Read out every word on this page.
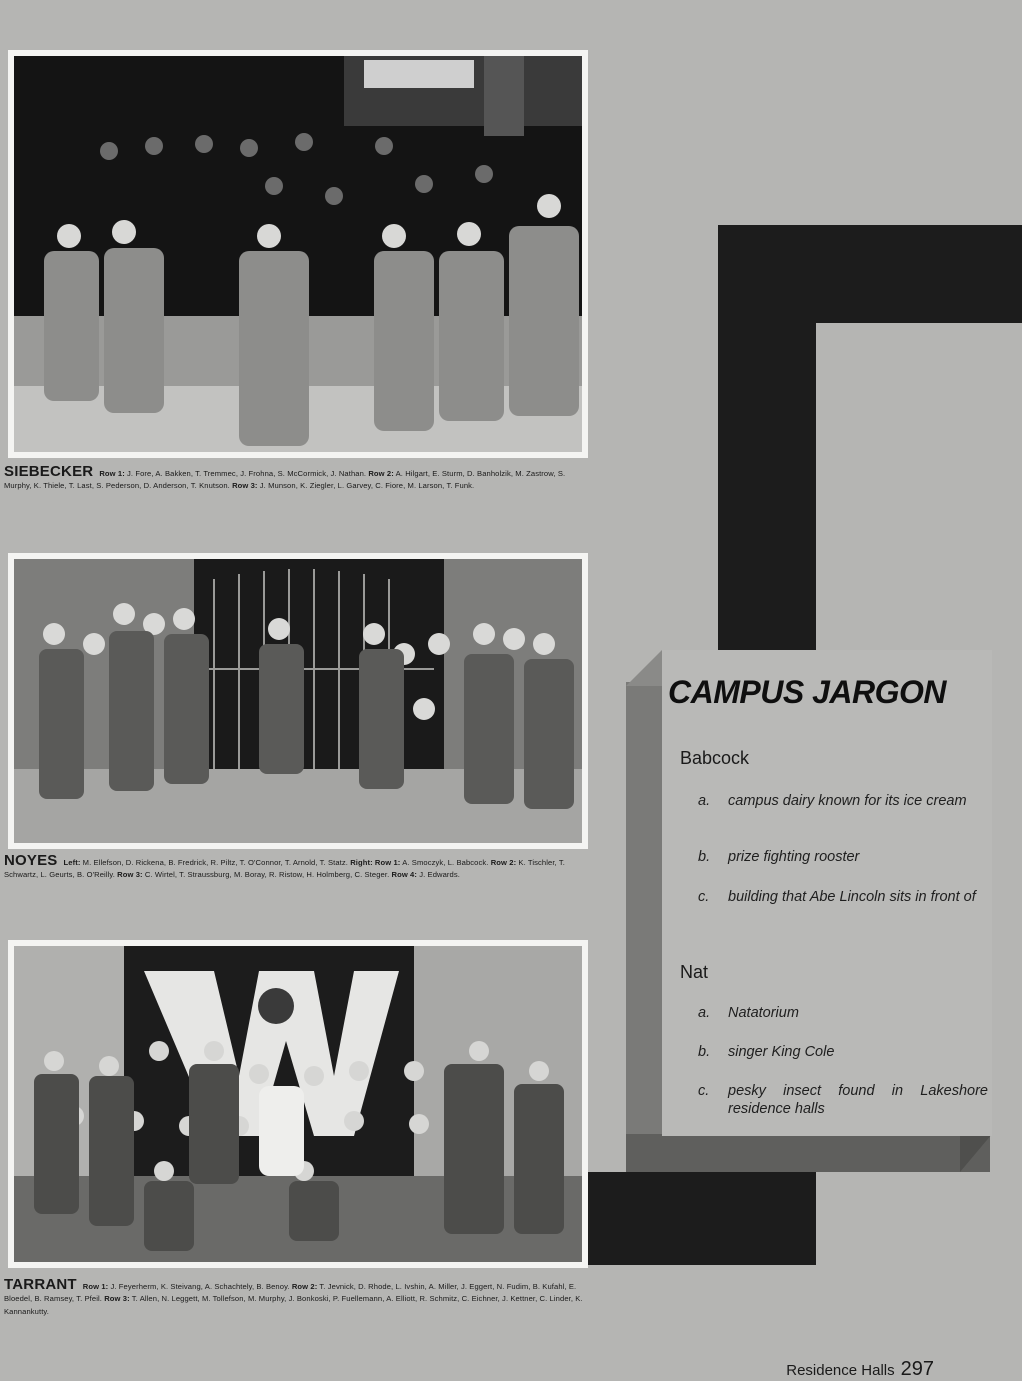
SIEBECKER Row 1: J. Fore, A. Bakken, T. Tremmec, J. Frohna, S. McCormick, J. Nathan. Row 2: A. Hilgart, E. Sturm, D. Banholzik, M. Zastrow, S. Murphy, K. Thiele, T. Last, S. Pederson, D. Anderson, T. Knutson. Row 3: J. Munson, K. Ziegler, L. Garvey, C. Fiore, M. Larson, T. Funk.
NOYES Left: M. Ellefson, D. Rickena, B. Fredrick, R. Piltz, T. O'Connor, T. Arnold, T. Statz. Right: Row 1: A. Smoczyk, L. Babcock. Row 2: K. Tischler, T. Schwartz, L. Geurts, B. O'Reilly. Row 3: C. Wirtel, T. Straussburg, M. Boray, R. Ristow, H. Holmberg, C. Steger. Row 4: J. Edwards.
TARRANT Row 1: J. Feyerherm, K. Steivang, A. Schachtely, B. Benoy. Row 2: T. Jevnick, D. Rhode, L. Ivshin, A. Miller, J. Eggert, N. Fudim, B. Kufahl, E. Bloedel, B. Ramsey, T. Pfeil. Row 3: T. Allen, N. Leggett, M. Tollefson, M. Murphy, J. Bonkoski, P. Fuellemann, A. Elliott, R. Schmitz, C. Eichner, J. Kettner, C. Linder, K. Kannankutty.
CAMPUS JARGON
Babcock
a.	campus dairy known for its ice cream
b.	prize fighting rooster
c.	building that Abe Lincoln sits in front of
Nat
a.	Natatorium
b.	singer King Cole
c.	pesky insect found in Lakeshore residence halls
Residence Halls 297
